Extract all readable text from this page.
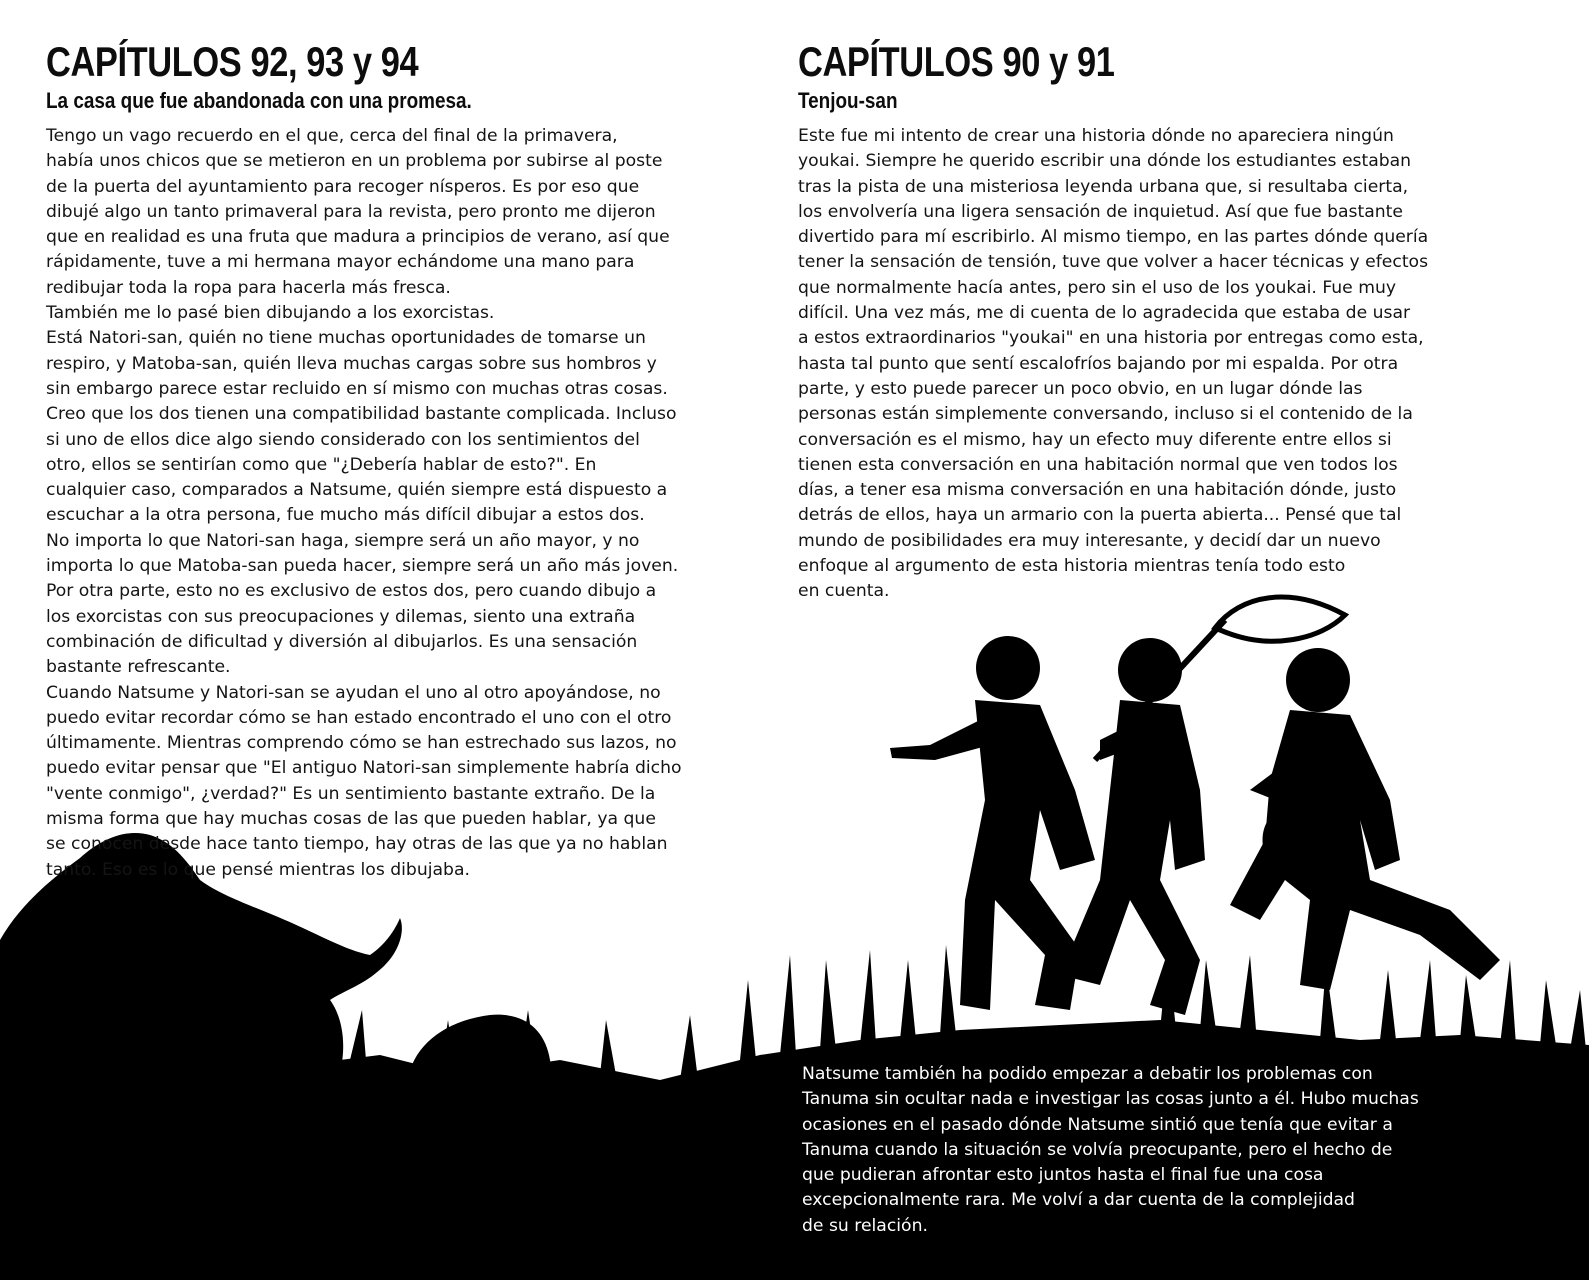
CAPÍTULOS 92, 93 y 94
La casa que fue abandonada con una promesa.

Tengo un vago recuerdo en el que, cerca del final de la primavera,

había unos chicos que se metieron en un problema por subirse al poste

de la puerta del ayuntamiento para recoger nísperos. Es por eso que

dibujé algo un tanto primaveral para la revista, pero pronto me dijeron

que en realidad es una fruta que madura a principios de verano, así que

rápidamente, tuve a mi hermana mayor echándome una mano para

redibujar toda la ropa para hacerla más fresca.

También me lo pasé bien dibujando a los exorcistas.

Está Natori-san, quién no tiene muchas oportunidades de tomarse un

respiro, y Matoba-san, quién lleva muchas cargas sobre sus hombros y

sin embargo parece estar recluido en sí mismo con muchas otras cosas.

Creo que los dos tienen una compatibilidad bastante complicada. Incluso

si uno de ellos dice algo siendo considerado con los sentimientos del

otro, ellos se sentirían como que "¿Debería hablar de esto?". En

cualquier caso, comparados a Natsume, quién siempre está dispuesto a

escuchar a la otra persona, fue mucho más difícil dibujar a estos dos.

No importa lo que Natori-san haga, siempre será un año mayor, y no

importa lo que Matoba-san pueda hacer, siempre será un año más joven.

Por otra parte, esto no es exclusivo de estos dos, pero cuando dibujo a

los exorcistas con sus preocupaciones y dilemas, siento una extraña

combinación de dificultad y diversión al dibujarlos. Es una sensación

bastante refrescante.

Cuando Natsume y Natori-san se ayudan el uno al otro apoyándose, no

puedo evitar recordar cómo se han estado encontrado el uno con el otro

últimamente. Mientras comprendo cómo se han estrechado sus lazos, no

puedo evitar pensar que "El antiguo Natori-san simplemente habría dicho

"vente conmigo", ¿verdad?" Es un sentimiento bastante extraño. De la

misma forma que hay muchas cosas de las que pueden hablar, ya que

se conocen desde hace tanto tiempo, hay otras de las que ya no hablan

tanto. Eso es lo que pensé mientras los dibujaba.

CAPÍTULOS 90 y 91
Tenjou-san

Este fue mi intento de crear una historia dónde no apareciera ningún

youkai. Siempre he querido escribir una dónde los estudiantes estaban

tras la pista de una misteriosa leyenda urbana que, si resultaba cierta,

los envolvería una ligera sensación de inquietud. Así que fue bastante

divertido para mí escribirlo. Al mismo tiempo, en las partes dónde quería

tener la sensación de tensión, tuve que volver a hacer técnicas y efectos

que normalmente hacía antes, pero sin el uso de los youkai. Fue muy

difícil. Una vez más, me di cuenta de lo agradecida que estaba de usar

a estos extraordinarios "youkai" en una historia por entregas como esta,

hasta tal punto que sentí escalofríos bajando por mi espalda. Por otra

parte, y esto puede parecer un poco obvio, en un lugar dónde las

personas están simplemente conversando, incluso si el contenido de la

conversación es el mismo, hay un efecto muy diferente entre ellos si

tienen esta conversación en una habitación normal que ven todos los

días, a tener esa misma conversación en una habitación dónde, justo

detrás de ellos, haya un armario con la puerta abierta... Pensé que tal

mundo de posibilidades era muy interesante, y decidí dar un nuevo

enfoque al argumento de esta historia mientras tenía todo esto

en cuenta.

Natsume también ha podido empezar a debatir los problemas con

Tanuma sin ocultar nada e investigar las cosas junto a él. Hubo muchas

ocasiones en el pasado dónde Natsume sintió que tenía que evitar a

Tanuma cuando la situación se volvía preocupante, pero el hecho de

que pudieran afrontar esto juntos hasta el final fue una cosa

excepcionalmente rara. Me volví a dar cuenta de la complejidad

de su relación.
